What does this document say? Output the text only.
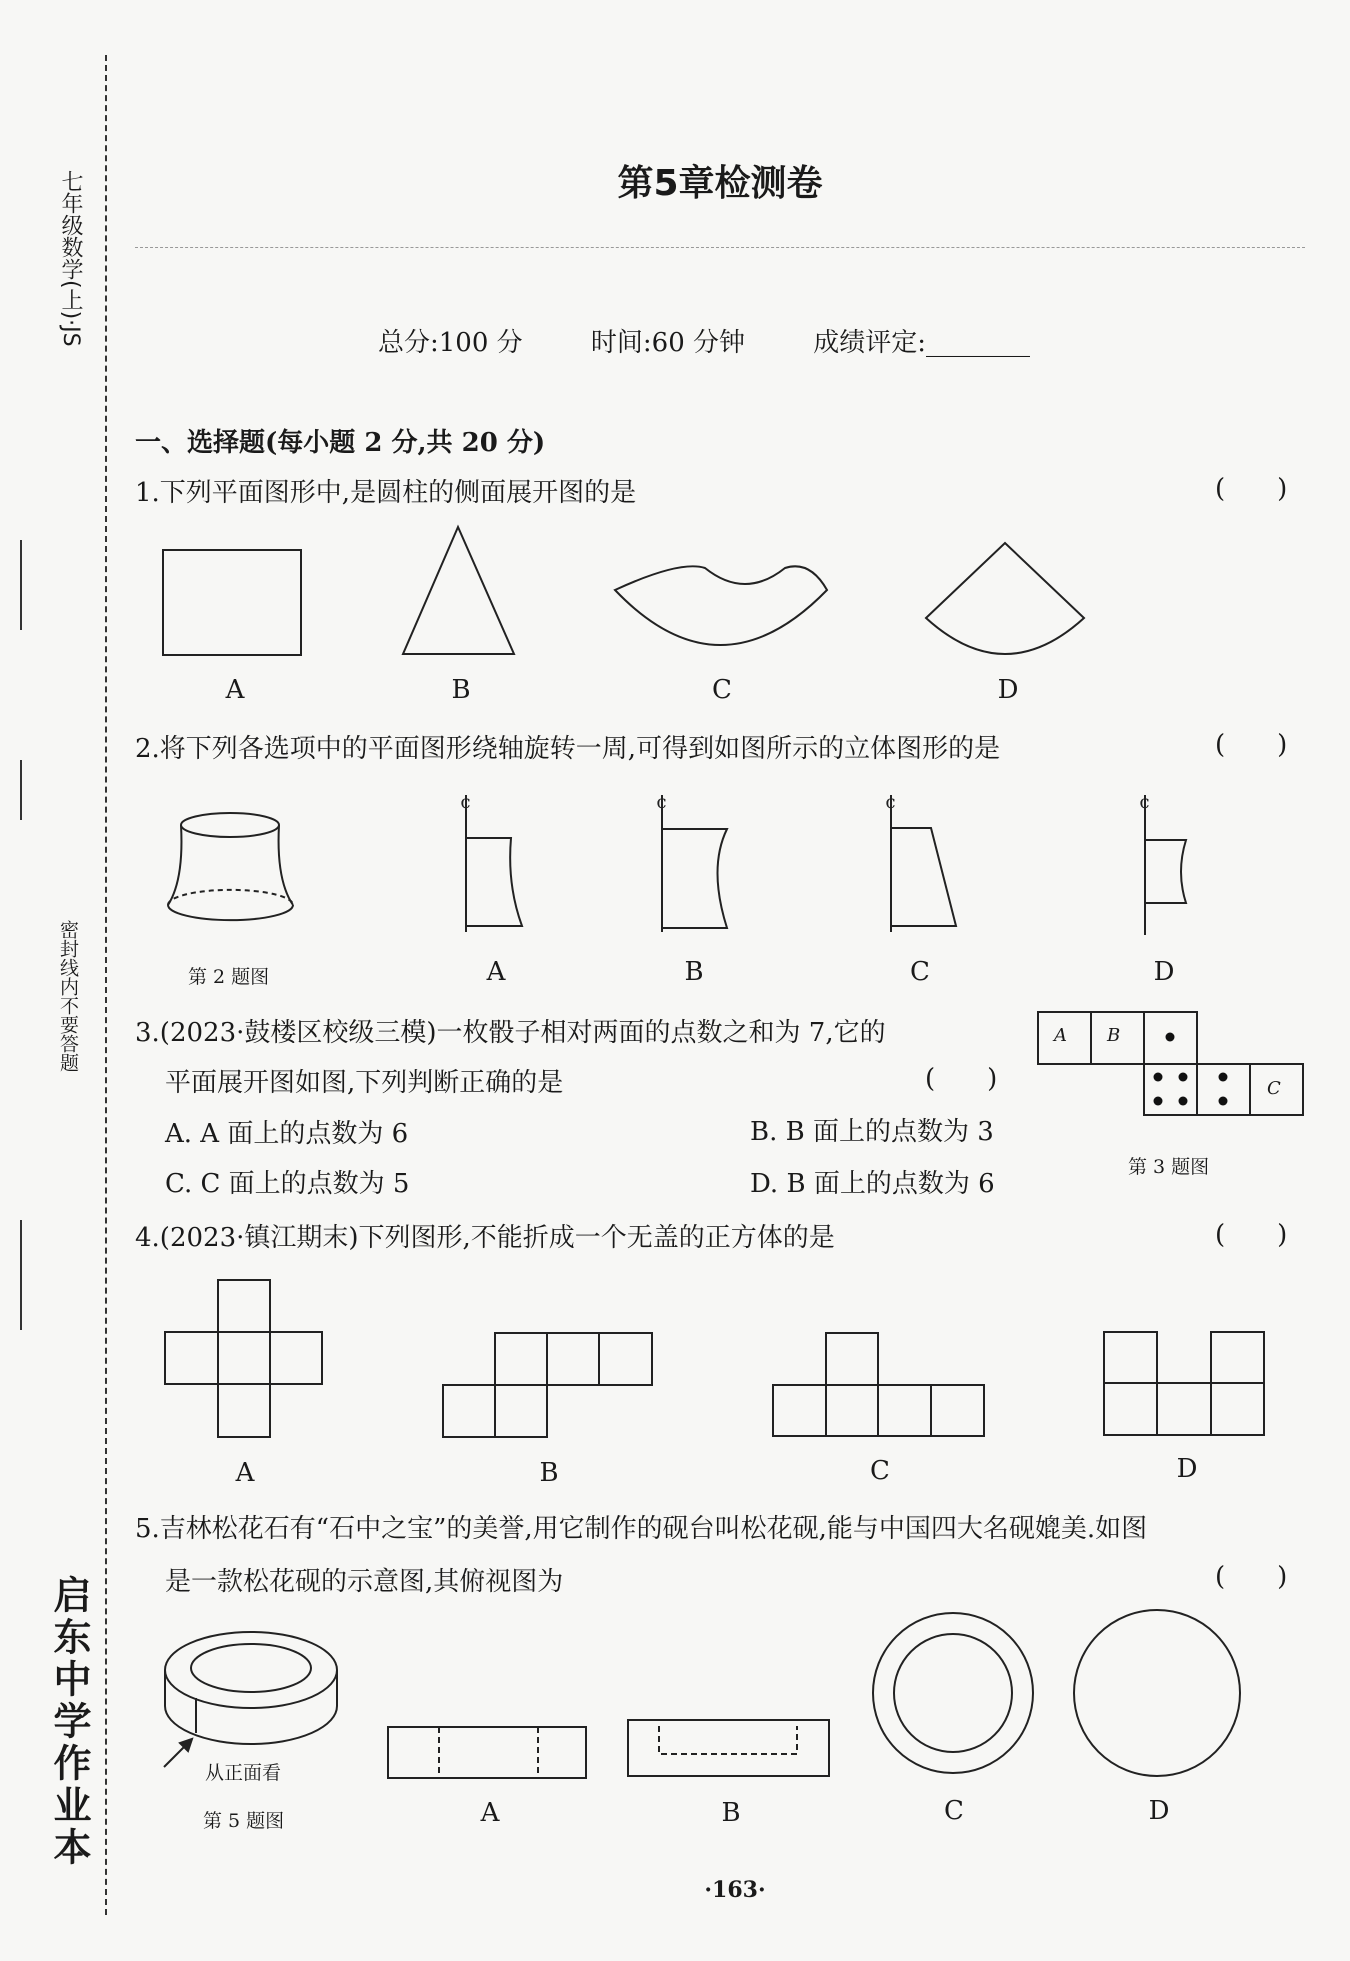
七年级数学(上)·JS
密封线内不要答题
启东中学作业本
第5章检测卷
总分:100 分	时间:60 分钟	成绩评定:________
一、选择题(每小题 2 分,共 20 分)
1.下列平面图形中,是圆柱的侧面展开图的是	(　　)
A	B	C	D
2.将下列各选项中的平面图形绕轴旋转一周,可得到如图所示的立体图形的是	(　　)
¢	¢	¢	¢
第 2 题图	A	B	C	D
3.(2023·鼓楼区校级三模)一枚骰子相对两面的点数之和为 7,它的
平面展开图如图,下列判断正确的是	(　　)
A. A 面上的点数为 6	B. B 面上的点数为 3
C. C 面上的点数为 5	D. B 面上的点数为 6
A B
C
第 3 题图
4.(2023·镇江期末)下列图形,不能折成一个无盖的正方体的是	(　　)
A	B	C	D
5.吉林松花石有“石中之宝”的美誉,用它制作的砚台叫松花砚,能与中国四大名砚媲美.如图
是一款松花砚的示意图,其俯视图为	(　　)
从正面看
第 5 题图	A	B	C	D
·163·
